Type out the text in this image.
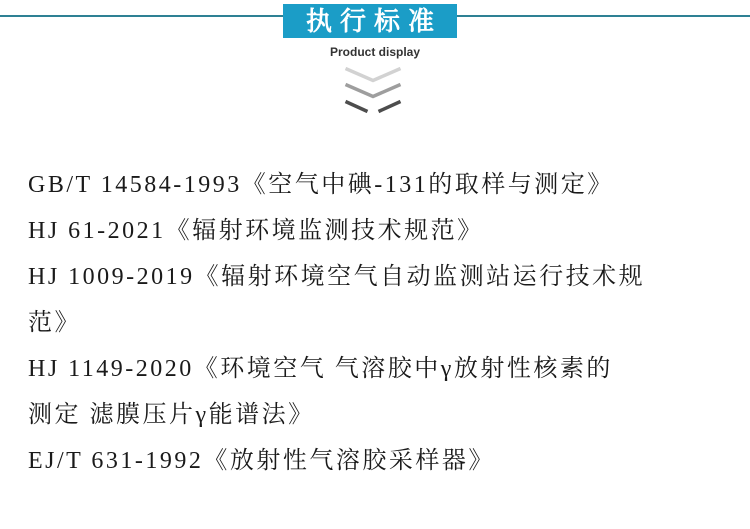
执行标准
Product display

GB/T 14584-1993《空气中碘-131的取样与测定》

HJ 61-2021《辐射环境监测技术规范》

HJ 1009-2019《辐射环境空气自动监测站运行技术规

范》

HJ 1149-2020《环境空气 气溶胶中γ放射性核素的

测定 滤膜压片γ能谱法》

EJ/T 631-1992《放射性气溶胶采样器》
